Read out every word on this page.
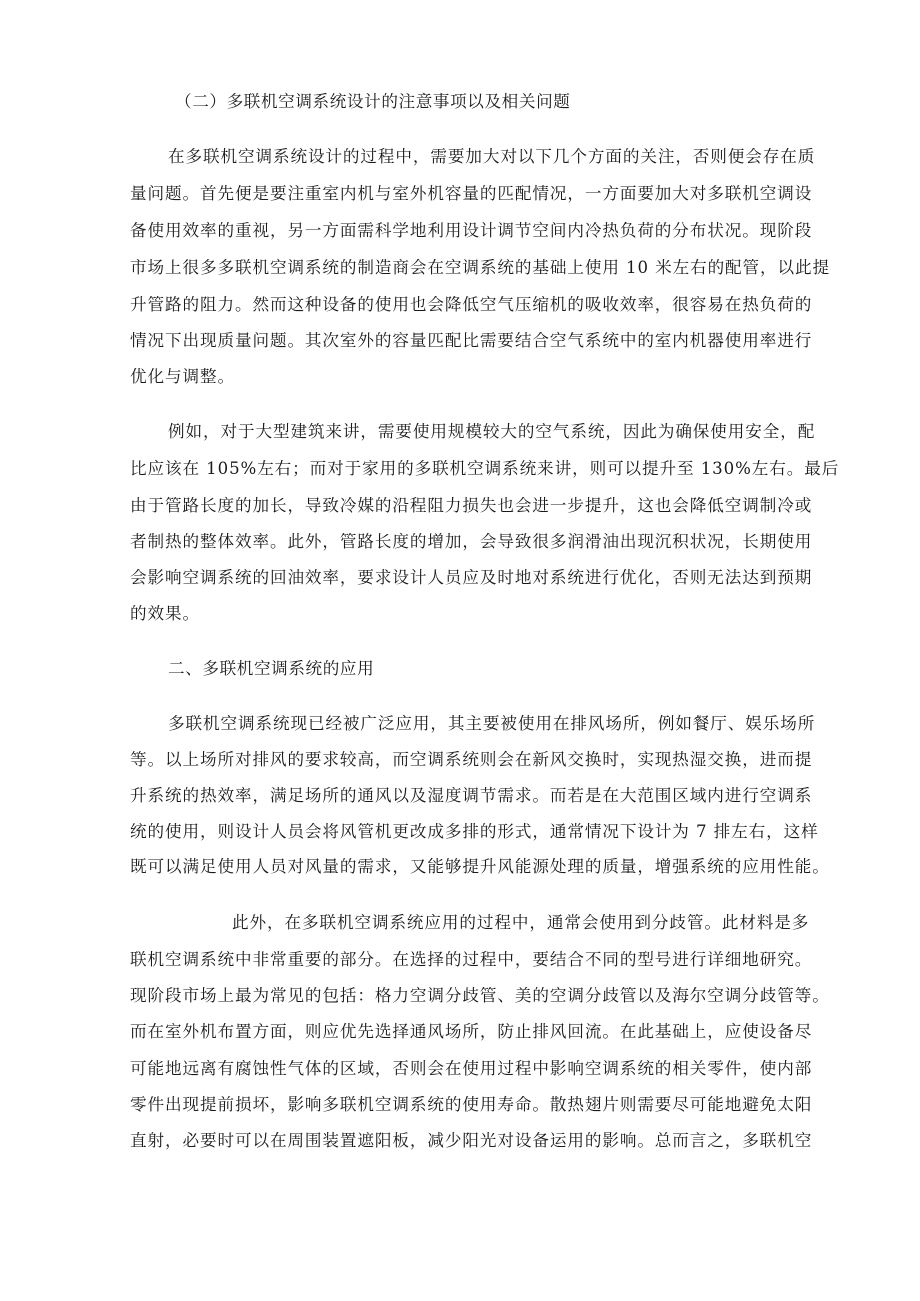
（二）多联机空调系统设计的注意事项以及相关问题
在多联机空调系统设计的过程中，需要加大对以下几个方面的关注，否则便会存在质
量问题。首先便是要注重室内机与室外机容量的匹配情况，一方面要加大对多联机空调设
备使用效率的重视，另一方面需科学地利用设计调节空间内冷热负荷的分布状况。现阶段
市场上很多多联机空调系统的制造商会在空调系统的基础上使用 10 米左右的配管，以此提
升管路的阻力。然而这种设备的使用也会降低空气压缩机的吸收效率，很容易在热负荷的
情况下出现质量问题。其次室外的容量匹配比需要结合空气系统中的室内机器使用率进行
优化与调整。
例如，对于大型建筑来讲，需要使用规模较大的空气系统，因此为确保使用安全，配
比应该在 105%左右；而对于家用的多联机空调系统来讲，则可以提升至 130%左右。最后
由于管路长度的加长，导致冷媒的沿程阻力损失也会进一步提升，这也会降低空调制冷或
者制热的整体效率。此外，管路长度的增加，会导致很多润滑油出现沉积状况，长期使用
会影响空调系统的回油效率，要求设计人员应及时地对系统进行优化，否则无法达到预期
的效果。
二、多联机空调系统的应用
多联机空调系统现已经被广泛应用，其主要被使用在排风场所，例如餐厅、娱乐场所
等。以上场所对排风的要求较高，而空调系统则会在新风交换时，实现热湿交换，进而提
升系统的热效率，满足场所的通风以及湿度调节需求。而若是在大范围区域内进行空调系
统的使用，则设计人员会将风管机更改成多排的形式，通常情况下设计为 7 排左右，这样
既可以满足使用人员对风量的需求，又能够提升风能源处理的质量，增强系统的应用性能。
此外，在多联机空调系统应用的过程中，通常会使用到分歧管。此材料是多
联机空调系统中非常重要的部分。在选择的过程中，要结合不同的型号进行详细地研究。
现阶段市场上最为常见的包括：格力空调分歧管、美的空调分歧管以及海尔空调分歧管等。
而在室外机布置方面，则应优先选择通风场所，防止排风回流。在此基础上，应使设备尽
可能地远离有腐蚀性气体的区域，否则会在使用过程中影响空调系统的相关零件，使内部
零件出现提前损坏，影响多联机空调系统的使用寿命。散热翅片则需要尽可能地避免太阳
直射，必要时可以在周围装置遮阳板，减少阳光对设备运用的影响。总而言之，多联机空
